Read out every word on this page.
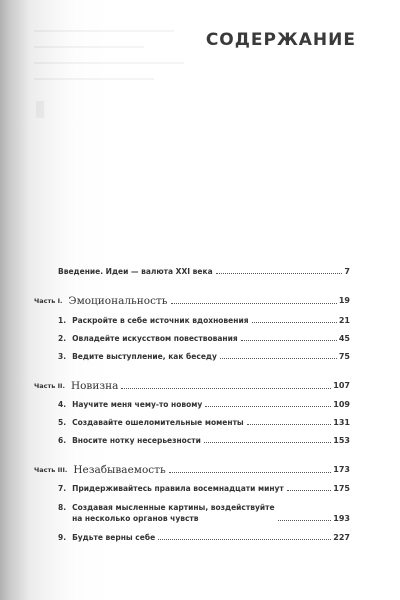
СОДЕРЖАНИЕ
Введение. Идеи — валюта XXI века	7
Часть I. Эмоциональность	19
1. Раскройте в себе источник вдохновения	21
2. Овладейте искусством повествования	45
3. Ведите выступление, как беседу	75
Часть II. Новизна	107
4. Научите меня чему-то новому	109
5. Создавайте ошеломительные моменты	131
6. Вносите нотку несерьезности	153
Часть III. Незабываемость	173
7. Придерживайтесь правила восемнадцати минут	175
8. Создавая мысленные картины, воздействуйте
на несколько органов чувств	193
9. Будьте верны себе	227
